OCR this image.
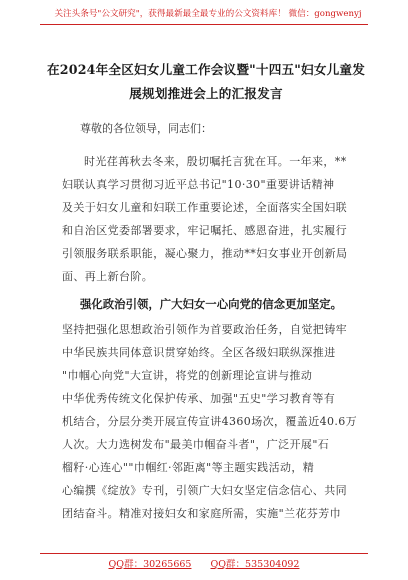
关注头条号"公文研究"，获得最新最全最专业的公文资料库！ 微信：gongwenyj
在2024年全区妇女儿童工作会议暨"十四五"妇女儿童发
展规划推进会上的汇报发言
尊敬的各位领导，同志们：
时光荏苒秋去冬来，殷切嘱托言犹在耳。一年来，**
妇联认真学习贯彻习近平总书记"10·30"重要讲话精神
及关于妇女儿童和妇联工作重要论述，全面落实全国妇联
和自治区党委部署要求，牢记嘱托、感恩奋进，扎实履行
引领服务联系职能，凝心聚力，推动**妇女事业开创新局
面、再上新台阶。
强化政治引领，广大妇女一心向党的信念更加坚定。
坚持把强化思想政治引领作为首要政治任务，自觉把铸牢
中华民族共同体意识贯穿始终。全区各级妇联纵深推进
"巾帼心向党"大宣讲，将党的创新理论宣讲与推动
中华优秀传统文化保护传承、加强"五史"学习教育等有
机结合，分层分类开展宣传宣讲4360场次，覆盖近40.6万
人次。大力选树发布"最美巾帼奋斗者"，广泛开展"石
榴籽·心连心""巾帼红·邻距离"等主题实践活动，精
心编撰《绽放》专刊，引领广大妇女坚定信念信心、共同
团结奋斗。精准对接妇女和家庭所需，实施"兰花芬芳巾
QQ群：30265665 QQ群：535304092
